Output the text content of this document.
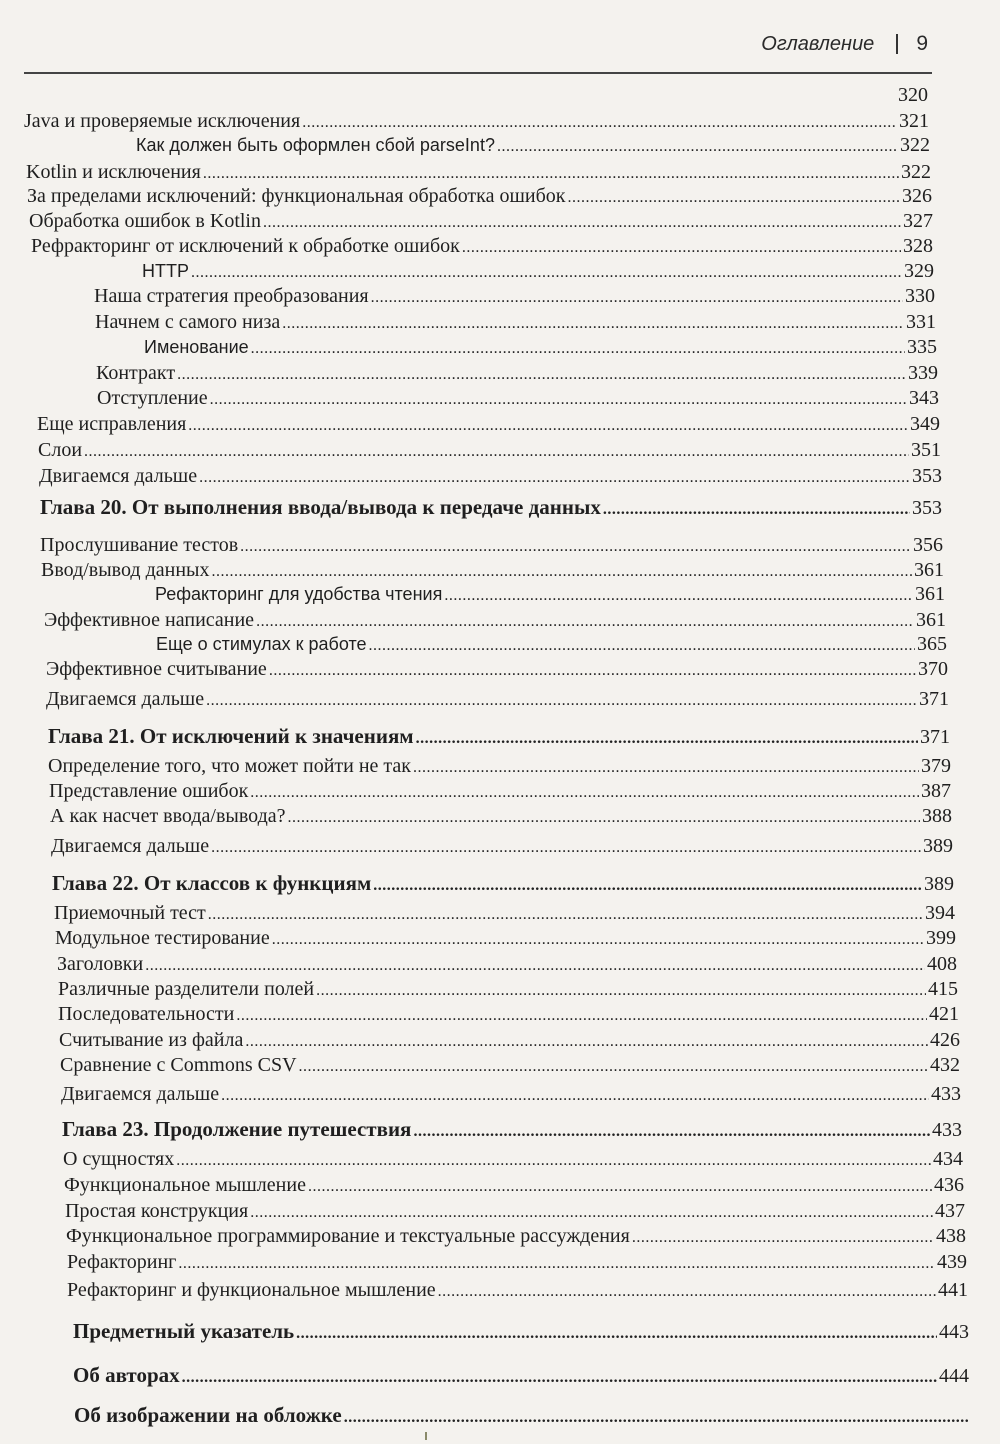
Оглавление 9
320
Java и проверяемые исключения .....	321
Как должен быть оформлен сбой parseInt? .....	322
Kotlin и исключения .....	322
За пределами исключений: функциональная обработка ошибок .....	326
Обработка ошибок в Kotlin .....	327
Рефракторинг от исключений к обработке ошибок .....	328
HTTP .....	329
Наша стратегия преобразования .....	330
Начнем с самого низа .....	331
Именование .....	335
Контракт .....	339
Отступление .....	343
Еще исправления .....	349
Слои .....	351
Двигаемся дальше .....	353
Глава 20. От выполнения ввода/вывода к передаче данных .....	353
Прослушивание тестов .....	356
Ввод/вывод данных .....	361
Рефакторинг для удобства чтения .....	361
Эффективное написание .....	361
Еще о стимулах к работе .....	365
Эффективное считывание .....	370
Двигаемся дальше .....	371
Глава 21. От исключений к значениям .....	371
Определение того, что может пойти не так .....	379
Представление ошибок .....	387
А как насчет ввода/вывода? .....	388
Двигаемся дальше .....	389
Глава 22. От классов к функциям .....	389
Приемочный тест .....	394
Модульное тестирование .....	399
Заголовки .....	408
Различные разделители полей .....	415
Последовательности .....	421
Считывание из файла .....	426
Сравнение с Commons CSV .....	432
Двигаемся дальше .....	433
Глава 23. Продолжение путешествия .....	433
О сущностях .....	434
Функциональное мышление .....	436
Простая конструкция .....	437
Функциональное программирование и текстуальные рассуждения .....	438
Рефакторинг .....	439
Рефакторинг и функциональное мышление .....	441
Предметный указатель .....	443
Об авторах .....	444
Об изображении на обложке
.....
